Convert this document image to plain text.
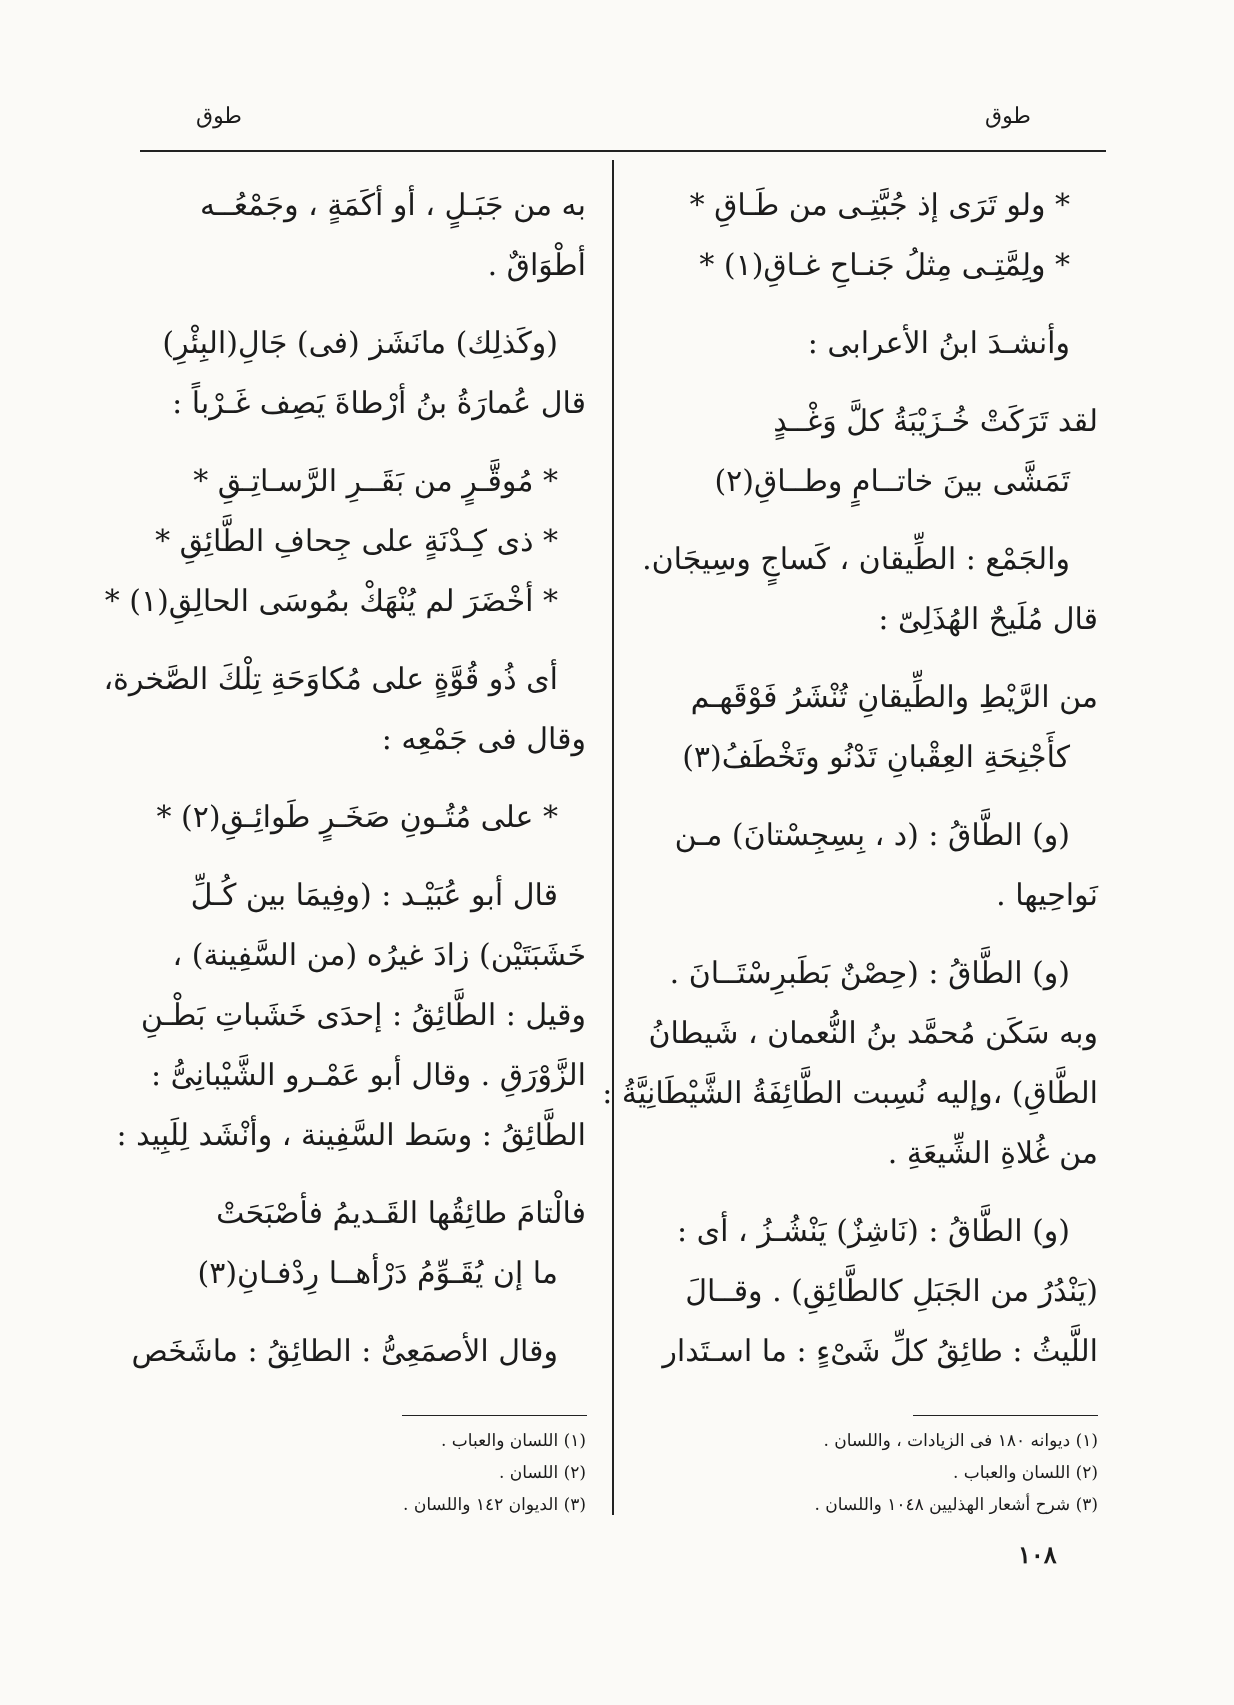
طوق
طوق
* ولو تَرَى إذ جُبَّتِـى من طَـاقِ *
* ولِمَّتِـى مِثلُ جَنـاحِ غـاقِ(١) *
وأنشـدَ ابنُ الأعرابى :
لقد تَرَكَتْ خُـزَيْبَةُ كلَّ وَغْــدٍ
تَمَشَّى بينَ خاتــامٍ وطــاقِ(٢)
والجَمْع : الطِّيقان ، كَساجٍ وسِيجَان.
قال مُلَيحٌ الهُذَلِىّ :
من الرَّيْطِ والطِّيقانِ تُنْشَرُ فَوْقَهـم
كأَجْنِحَةِ العِقْبانِ تَدْنُو وتَخْطَفُ(٣)
(و) الطَّاقُ : (د ، بِسِجِسْتانَ) مـن
نَواحِيها .
(و) الطَّاقُ : (حِصْنٌ بَطَبرِسْتَــانَ .
وبه سَكَن مُحمَّد بنُ النُّعمان ، شَيطانُ
الطَّاقِ) ،وإليه نُسِبت الطَّائِفَةُ الشَّيْطَانِيَّةُ :
من غُلاةِ الشِّيعَةِ .
(و) الطَّاقُ : (نَاشِزٌ) يَنْشُـزُ ، أى :
(يَنْدُرُ من الجَبَلِ كالطَّائِقِ) . وقــالَ
اللَّيثُ : طائِقُ كلِّ شَىْءٍ : ما اسـتَدار
به من جَبَـلٍ ، أو أكَمَةٍ ، وجَمْعُــه
أطْوَاقٌ .
(وكَذلِك) مانَشَز (فى) جَالِ(البِئْرِ)
قال عُمارَةُ بنُ أرْطاةَ يَصِف غَـرْباً :
* مُوقَّـرٍ من بَقَــرِ الرَّسـاتِـقِ *
* ذى كِـدْنَةٍ على جِحافِ الطَّائِقِ *
* أخْضَرَ لم يُنْهَكْ بمُوسَى الحالِقِ(١) *
أى ذُو قُوَّةٍ على مُكاوَحَةِ تِلْكَ الصَّخرة،
وقال فى جَمْعِه :
* على مُتُـونِ صَخَـرٍ طَوائِـقِ(٢) *
قال أبو عُبَيْـد : (وفِيمَا بين كُـلِّ
خَشَبَتَيْن) زادَ غيرُه (من السَّفِينة) ،
وقيل : الطَّائِقُ : إحدَى خَشَباتِ بَطْـنِ
الزَّوْرَقِ . وقال أبو عَمْـرو الشَّيْبانِىُّ :
الطَّائِقُ : وسَط السَّفِينة ، وأنْشَد لِلَبِيد :
فالْتامَ طائِقُها القَـديمُ فأصْبَحَتْ
ما إن يُقَـوِّمُ دَرْأهــا رِدْفـانِ(٣)
وقال الأصمَعِىُّ : الطائِقُ : ماشَخَص
(١) ديوانه ١٨٠ فى الزيادات ، واللسان .
(٢) اللسان والعباب .
(٣) شرح أشعار الهذليين ١٠٤٨ واللسان .
(١) اللسان والعباب .
(٢) اللسان .
(٣) الديوان ١٤٢ واللسان .
١٠٨
